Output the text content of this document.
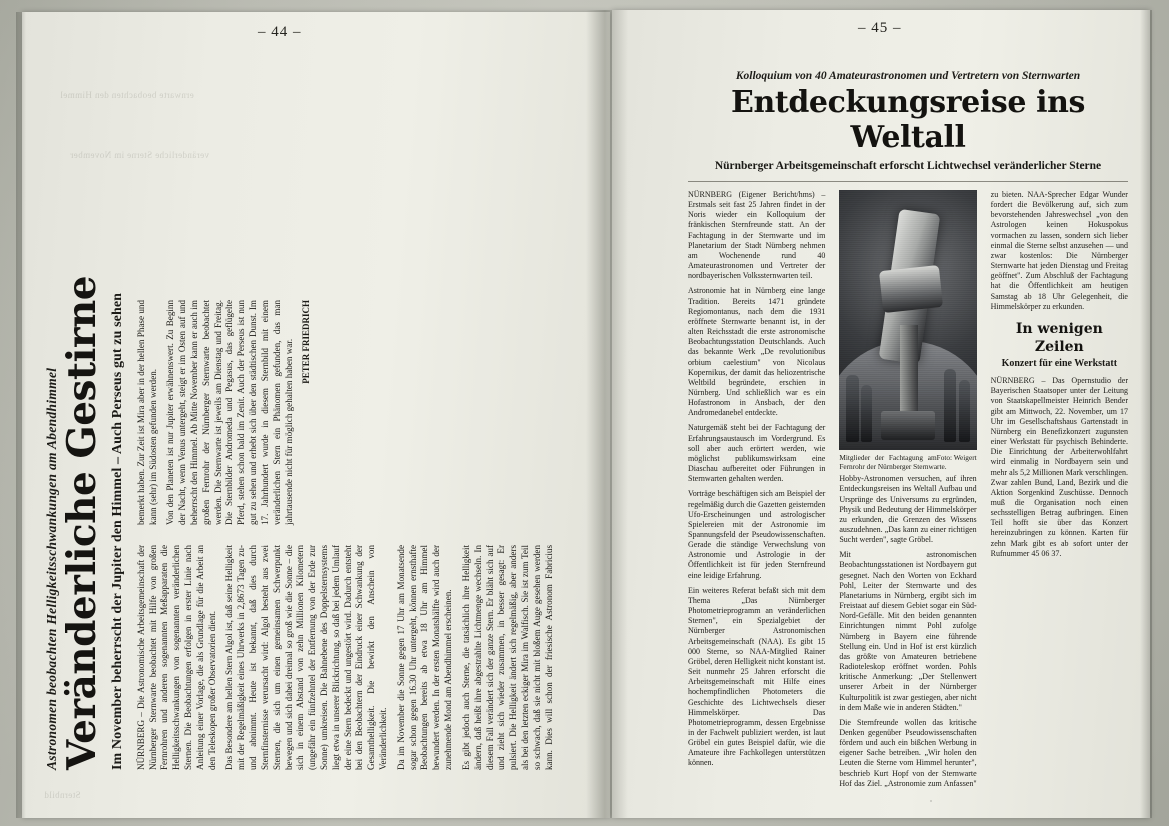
– 44 –	– 45 –
Astronomen beobachten Helligkeitsschwankungen am Abendhimmel Veränderliche Gestirne Im November beherrscht der Jupiter den Himmel – Auch Perseus gut zu sehen NÜRNBERG – Die Astronomische Arbeitsgemeinschaft der Nürnberger Sternwarte beobachtet mit Hilfe von großen Fernrohren und anderen sogenannten Meßapparaten die Helligkeitsschwankungen von sogenannten veränderlichen Sternen. Die Beobachtungen erfolgen in erster Linie nach Anleitung einer Vorlage, die als Grundlage für die Arbeit an den Teleskopen großer Observatorien dient. Das Besondere am hellen Stern Algol ist, daß seine Helligkeit mit der Regelmäßigkeit eines Uhrwerks in 2,8673 Tagen zu- und abnimmt. Heute ist bekannt, daß dies durch Sternfinsternisse verursacht wird: Algol besteht aus zwei Sternen, die sich um einen gemeinsamen Schwerpunkt bewegen und sich dabei dreimal so groß wie die Sonne – die sich in einem Abstand von zehn Millionen Kilometern (ungefähr ein fünfzehntel der Entfernung von der Erde zur Sonne) umkreisen. Die Bahnebene des Doppelsternsystems liegt etwa in unserer Blickrichtung, so daß bei jedem Umlauf der eine Stern bedeckt und ungestört wird. Dadurch entsteht bei den Beobachtern der Eindruck einer Schwankung der Gesamthelligkeit. Die bewirkt den Anschein von Veränderlichkeit. Da im November die Sonne gegen 17 Uhr am Monatsende sogar schon gegen 16.30 Uhr untergeht, können ernsthafte Beobachtungen bereits ab etwa 18 Uhr am Himmel bewundert werden. In der ersten Monatshälfte wird auch der zunehmende Mond am Abendhimmel erscheinen. Es gibt jedoch auch Sterne, die tatsächlich ihre Helligkeit ändern, daß heißt ihre abgestrahlte Lichtmenge wechseln. In diesem Fall verändert sich der ganze Stern. Er bläht sich auf und zieht sich wieder zusammen, in besser gesagt: Er pulsiert. Die Helligkeit ändert sich regelmäßig, aber anders als bei den letzten eckiger Mira im Walfisch. Sie ist zum Teil so schwach, daß sie nicht mit bloßem Auge gesehen werden kann. Dies will schon der friesische Astronom Fabricius bemerkt haben. Zur Zeit ist Mira aber in der hellen Phase und kann (sehr) im Südosten gefunden werden. Von den Planeten ist nur Jupiter erwähnenswert. Zu Beginn der Nacht, wenn Venus untergeht, steigt er im Osten auf und beherrscht den Himmel. Ab Mitte November kann er auch im großen Fernrohr der Nürnberger Sternwarte beobachtet werden. Die Sternwarte ist jeweils am Dienstag und Freitag. Die Sternbilder Andromeda und Pegasus, das geflügelte Pferd, stehen schon bald im Zenit. Auch der Perseus ist nun gut zu sehen und erhebt sich über den städtischen Dunst. Im 17. Jahrhundert wurde in diesem Sternbild mit einem veränderlichen Stern ein Phänomen gefunden, das man jahrtausende nicht für möglich gehalten haben war. PETER FRIEDRICH
Kolloquium von 40 Amateurastronomen und Vertretern von Sternwarten
Entdeckungsreise ins Weltall
Nürnberger Arbeitsgemeinschaft erforscht Lichtwechsel veränderlicher Sterne

NÜRNBERG (Eigener Bericht/hms) – Erstmals seit fast 25 Jahren findet in der Noris wieder ein Kolloquium der fränkischen Sternfreunde statt. An der Fachtagung in der Sternwarte und im Planetarium der Stadt Nürnberg nehmen am Wochenende rund 40 Amateurastronomen und Vertreter der nordbayerischen Volkssternwarten teil.

Astronomie hat in Nürnberg eine lange Tradition. Bereits 1471 gründete Regiomontanus, nach dem die 1931 eröffnete Sternwarte benannt ist, in der alten Reichsstadt die erste astronomische Beobachtungsstation Deutschlands. Auch das bekannte Werk „De revolutionibus orbium caelestium" von Nicolaus Kopernikus, der damit das heliozentrische Weltbild begründete, erschien in Nürnberg. Und schließlich war es ein Hofastronom in Ansbach, der den Andromedanebel entdeckte.

Naturgemäß steht bei der Fachtagung der Erfahrungsaustausch im Vordergrund. Es soll aber auch erörtert werden, wie möglichst publikumswirksam eine Diaschau aufbereitet oder Führungen in Sternwarten gehalten werden.

Vorträge beschäftigen sich am Beispiel der regelmäßig durch die Gazetten geisternden Ufo-Erscheinungen und astrologischer Spielereien mit der Astronomie im Spannungsfeld der Pseudowissenschaften. Gerade die ständige Verwechslung von Astronomie und Astrologie in der Öffentlichkeit ist für jeden Sternfreund eine leidige Erfahrung.

Ein weiteres Referat befaßt sich mit dem Thema „Das Nürnberger Photometrieprogramm an veränderlichen Sternen", ein Spezialgebiet der Nürnberger Astronomischen Arbeitsgemeinschaft (NAA). Es gibt 15 000 Sterne, so NAA-Mitglied Rainer Gröbel, deren Helligkeit nicht konstant ist. Seit nunmehr 25 Jahren erforscht die Arbeitsgemeinschaft mit Hilfe eines hochempfindlichen Photometers die Geschichte des Lichtwechsels dieser Himmelskörper. Das Photometrieprogramm, dessen Ergebnisse in der Fachwelt publiziert werden, ist laut Gröbel ein gutes Beispiel dafür, wie die Amateure ihre Fachkollegen unterstützen können.

Foto: Weigert
Mitglieder der Fachtagung am Fernrohr der Nürnberger Sternwarte.

Hobby-Astronomen versuchen, auf ihren Entdeckungsreisen ins Weltall Aufbau und Ursprünge des Universums zu ergründen, Physik und Bedeutung der Himmelskörper zu erkunden, die Grenzen des Wissens auszudehnen. „Das kann zu einer richtigen Sucht werden", sagte Gröbel.

Mit astronomischen Beobachtungsstationen ist Nordbayern gut gesegnet. Nach den Worten von Eckhard Pohl, Leiter der Sternwarte und des Planetariums in Nürnberg, ergibt sich im Freistaat auf diesem Gebiet sogar ein Süd-Nord-Gefälle. Mit den beiden genannten Einrichtungen nimmt Pohl zufolge Nürnberg in Bayern eine führende Stellung ein. Und in Hof ist erst kürzlich das größte von Amateuren betriebene Radioteleskop eröffnet worden. Pohls kritische Anmerkung: „Der Stellenwert unserer Arbeit in der Nürnberger Kulturpolitik ist zwar gestiegen, aber nicht in dem Maße wie in anderen Städten."

Die Sternfreunde wollen das kritische Denken gegenüber Pseudowissenschaften fördern und auch ein bißchen Werbung in eigener Sache betreiben. „Wir holen den Leuten die Sterne vom Himmel herunter", beschrieb Kurt Hopf von der Sternwarte Hof das Ziel. „Astronomie zum Anfassen" zu bieten. NAA-Sprecher Edgar Wunder fordert die Bevölkerung auf, sich zum bevorstehenden Jahreswechsel „von den Astrologen keinen Hokuspokus vormachen zu lassen, sondern sich lieber einmal die Sterne selbst anzusehen — und zwar kostenlos: Die Nürnberger Sternwarte hat jeden Dienstag und Freitag geöffnet". Zum Abschluß der Fachtagung hat die Öffentlichkeit am heutigen Samstag ab 18 Uhr Gelegenheit, die Himmelskörper zu erkunden.

In wenigen Zeilen
Konzert für eine Werkstatt

NÜRNBERG – Das Opernstudio der Bayerischen Staatsoper unter der Leitung von Staatskapellmeister Heinrich Bender gibt am Mittwoch, 22. November, um 17 Uhr im Gesellschaftshaus Gartenstadt in Nürnberg ein Benefizkonzert zugunsten einer Werkstatt für psychisch Behinderte. Die Einrichtung der Arbeiterwohlfahrt wird einmalig in Nordbayern sein und mehr als 5,2 Millionen Mark verschlingen. Zwar zahlen Bund, Land, Bezirk und die Aktion Sorgenkind Zuschüsse. Dennoch muß die Organisation noch einen sechsstelligen Betrag aufbringen. Einen Teil hofft sie über das Konzert hereinzubringen zu können. Karten für zehn Mark gibt es ab sofort unter der Rufnummer 45 06 37.
